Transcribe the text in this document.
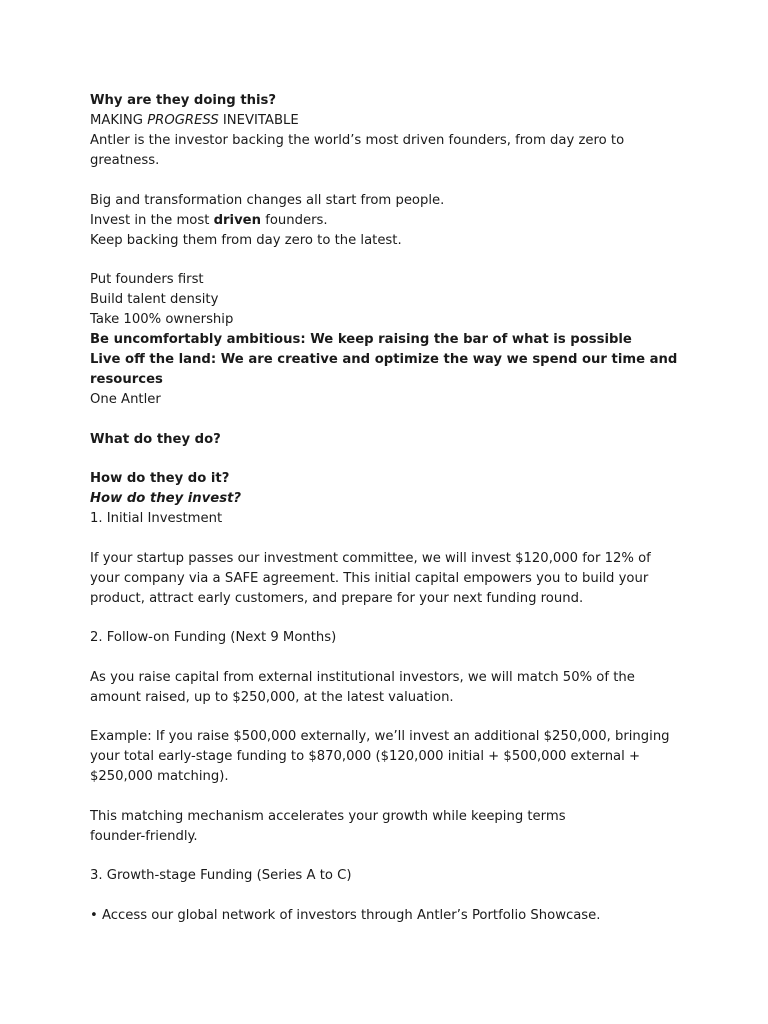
Why are they doing this?
MAKING PROGRESS INEVITABLE
Antler is the investor backing the world’s most driven founders, from day zero to
greatness.
Big and transformation changes all start from people.
Invest in the most driven founders.
Keep backing them from day zero to the latest.
Put founders first
Build talent density
Take 100% ownership
Be uncomfortably ambitious: We keep raising the bar of what is possible
Live off the land: We are creative and optimize the way we spend our time and
resources
One Antler
What do they do?
How do they do it?
How do they invest?
1. Initial Investment
If your startup passes our investment committee, we will invest $120,000 for 12% of
your company via a SAFE agreement. This initial capital empowers you to build your
product, attract early customers, and prepare for your next funding round.
2. Follow-on Funding (Next 9 Months)
As you raise capital from external institutional investors, we will match 50% of the
amount raised, up to $250,000, at the latest valuation.
Example: If you raise $500,000 externally, we’ll invest an additional $250,000, bringing
your total early-stage funding to $870,000 ($120,000 initial + $500,000 external +
$250,000 matching).
This matching mechanism accelerates your growth while keeping terms
founder-friendly.
3. Growth-stage Funding (Series A to C)
• Access our global network of investors through Antler’s Portfolio Showcase.
